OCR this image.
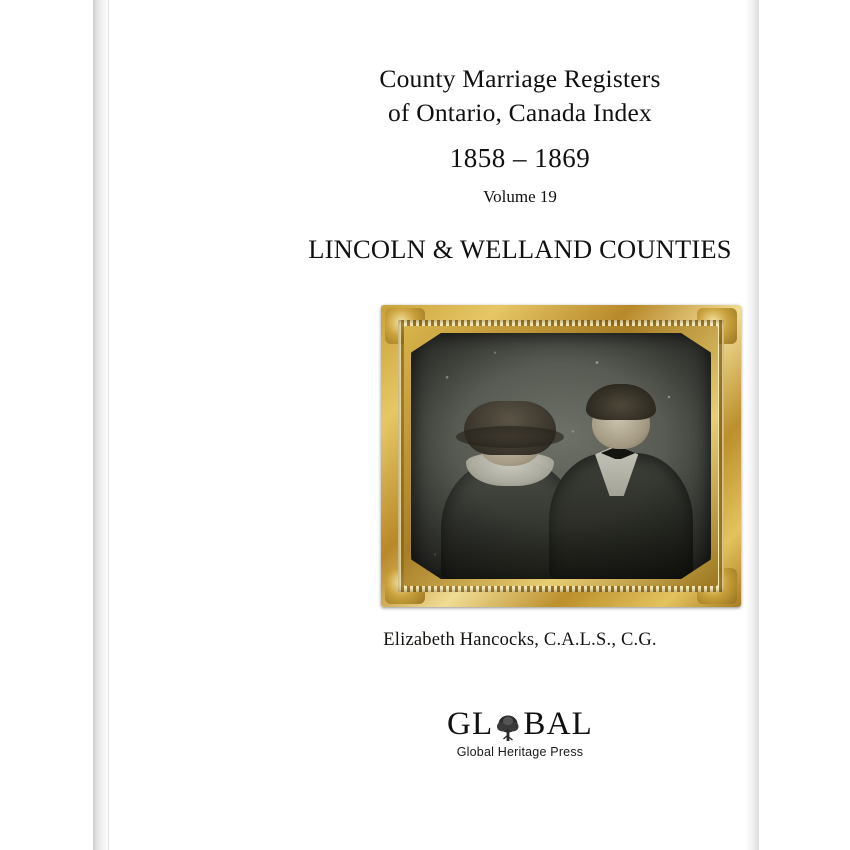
County Marriage Registers
of Ontario, Canada Index
1858 – 1869
Volume 19
LINCOLN & WELLAND COUNTIES
Elizabeth Hancocks, C.A.L.S., C.G.
GL BAL
Global Heritage Press
